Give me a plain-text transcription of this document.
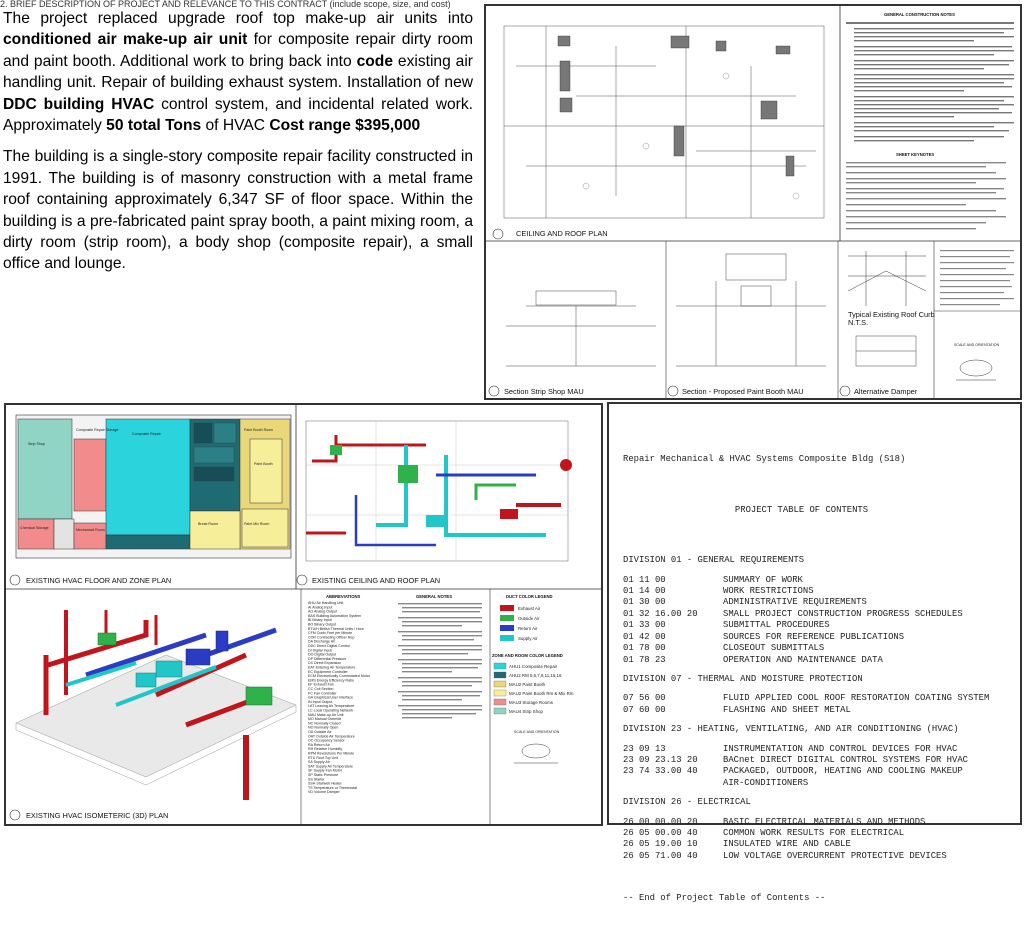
2. BRIEF DESCRIPTION OF PROJECT AND RELEVANCE TO THIS CONTRACT (include scope, size, and cost)

The project replaced upgrade roof top make-up air units into conditioned air make-up air unit for composite repair dirty room and paint booth. Additional work to bring back into code existing air handling unit. Repair of building exhaust system. Installation of new DDC building HVAC control system, and incidental related work. Approximately 50 total Tons of HVAC Cost range $395,000

The building is a single-story composite repair facility constructed in 1991. The building is of masonry construction with a metal frame roof containing approximately 6,347 SF of floor space. Within the building is a pre-fabricated paint spray booth, a paint mixing room, a dirty room (strip room), a body shop (composite repair), a small office and lounge.

CEILING AND ROOF PLAN
GENERAL CONSTRUCTION NOTES
SHEET KEYNOTES
Section Strip Shop MAU	Section - Proposed Paint Booth MAU
Typical Existing Roof Curb
N.T.S.
Alternative Damper
SCALE AND ORIENTATION
Strip Shop
Composite Repair Storage
Composite Repair
Paint Booth Room
Paint Booth
Chemical Storage	Mechanical Room
Break Room	Paint Mix Room
EXISTING HVAC FLOOR AND ZONE PLAN	EXISTING CEILING AND ROOF PLAN
EXISTING HVAC ISOMETERIC (3D) PLAN
ABBREVIATIONS
AHU Air Handling Unit
AI Analog Input
AO Analog Output
BAS Building Automation System
BI Binary Input
BO Binary Output
BTU/H British Thermal Units / Hour
CFM Cubic Feet per Minute
COR Contracting Officer Rep
DA Discharge Air
DDC Direct Digital Control
DI Digital Input
DO Digital Output
DP Differential Pressure
DX Direct Expansion
EAT Entering Air Temperature
EC Equipment Controller
ECM Electronically Commutated Motor
EMS Energy Efficiency Ratio
EF Exhaust Fan
CC Coil Section
FC Fan Controller
GA Graphical User Interface
IN Input Output
LAT Leaving Air Temperature
LC Local Operating Network
MAU Make-up Air Unit
MO Manual Override
NC Normally Closed
NO Normally Open
OA Outside Air
OAT Outside Air Temperature
OC Occupancy Sensor
RA Return Air
RH Relative Humidity
RPM Revolutions Per Minute
RTU Roof Top Unit
SA Supply Air
SAT Supply Air Temperature
SF Supply Fan Motor
SP Static Pressure
SS Starter
SSH Stairwell Heater
TS Temperature or Thermostat
VD Volume Damper
GENERAL NOTES	DUCT COLOR LEGEND
Exhaust Air
Outside Air
Return Air
Supply Air
ZONE AND ROOM COLOR LEGEND
AHU1 Composite Repair
AHU2 RM 5,6,7,8,11,15,16
MAU2 Paint Booth
MAU2 Paint Booth Rm & Mix Rm
MAU3 Storage Rooms
MAU4 Strip Shop
SCALE AND ORIENTATION

Repair Mechanical & HVAC Systems Composite Bldg (S18)

PROJECT TABLE OF CONTENTS

DIVISION 01 - GENERAL REQUIREMENTS
01 11 00	SUMMARY OF WORK
01 14 00	WORK RESTRICTIONS
01 30 00	ADMINISTRATIVE REQUIREMENTS
01 32 16.00 20	SMALL PROJECT CONSTRUCTION PROGRESS SCHEDULES
01 33 00	SUBMITTAL PROCEDURES
01 42 00	SOURCES FOR REFERENCE PUBLICATIONS
01 78 00	CLOSEOUT SUBMITTALS
01 78 23	OPERATION AND MAINTENANCE DATA
DIVISION 07 - THERMAL AND MOISTURE PROTECTION
07 56 00	FLUID APPLIED COOL ROOF RESTORATION COATING SYSTEM
07 60 00	FLASHING AND SHEET METAL
DIVISION 23 - HEATING, VENTILATING, AND AIR CONDITIONING (HVAC)
23 09 13	INSTRUMENTATION AND CONTROL DEVICES FOR HVAC
23 09 23.13 20	BACnet DIRECT DIGITAL CONTROL SYSTEMS FOR HVAC
23 74 33.00 40	PACKAGED, OUTDOOR, HEATING AND COOLING MAKEUP
AIR-CONDITIONERS
DIVISION 26 - ELECTRICAL
26 00 00.00 20	BASIC ELECTRICAL MATERIALS AND METHODS
26 05 00.00 40	COMMON WORK RESULTS FOR ELECTRICAL
26 05 19.00 10	INSULATED WIRE AND CABLE
26 05 71.00 40	LOW VOLTAGE OVERCURRENT PROTECTIVE DEVICES

-- End of Project Table of Contents --
